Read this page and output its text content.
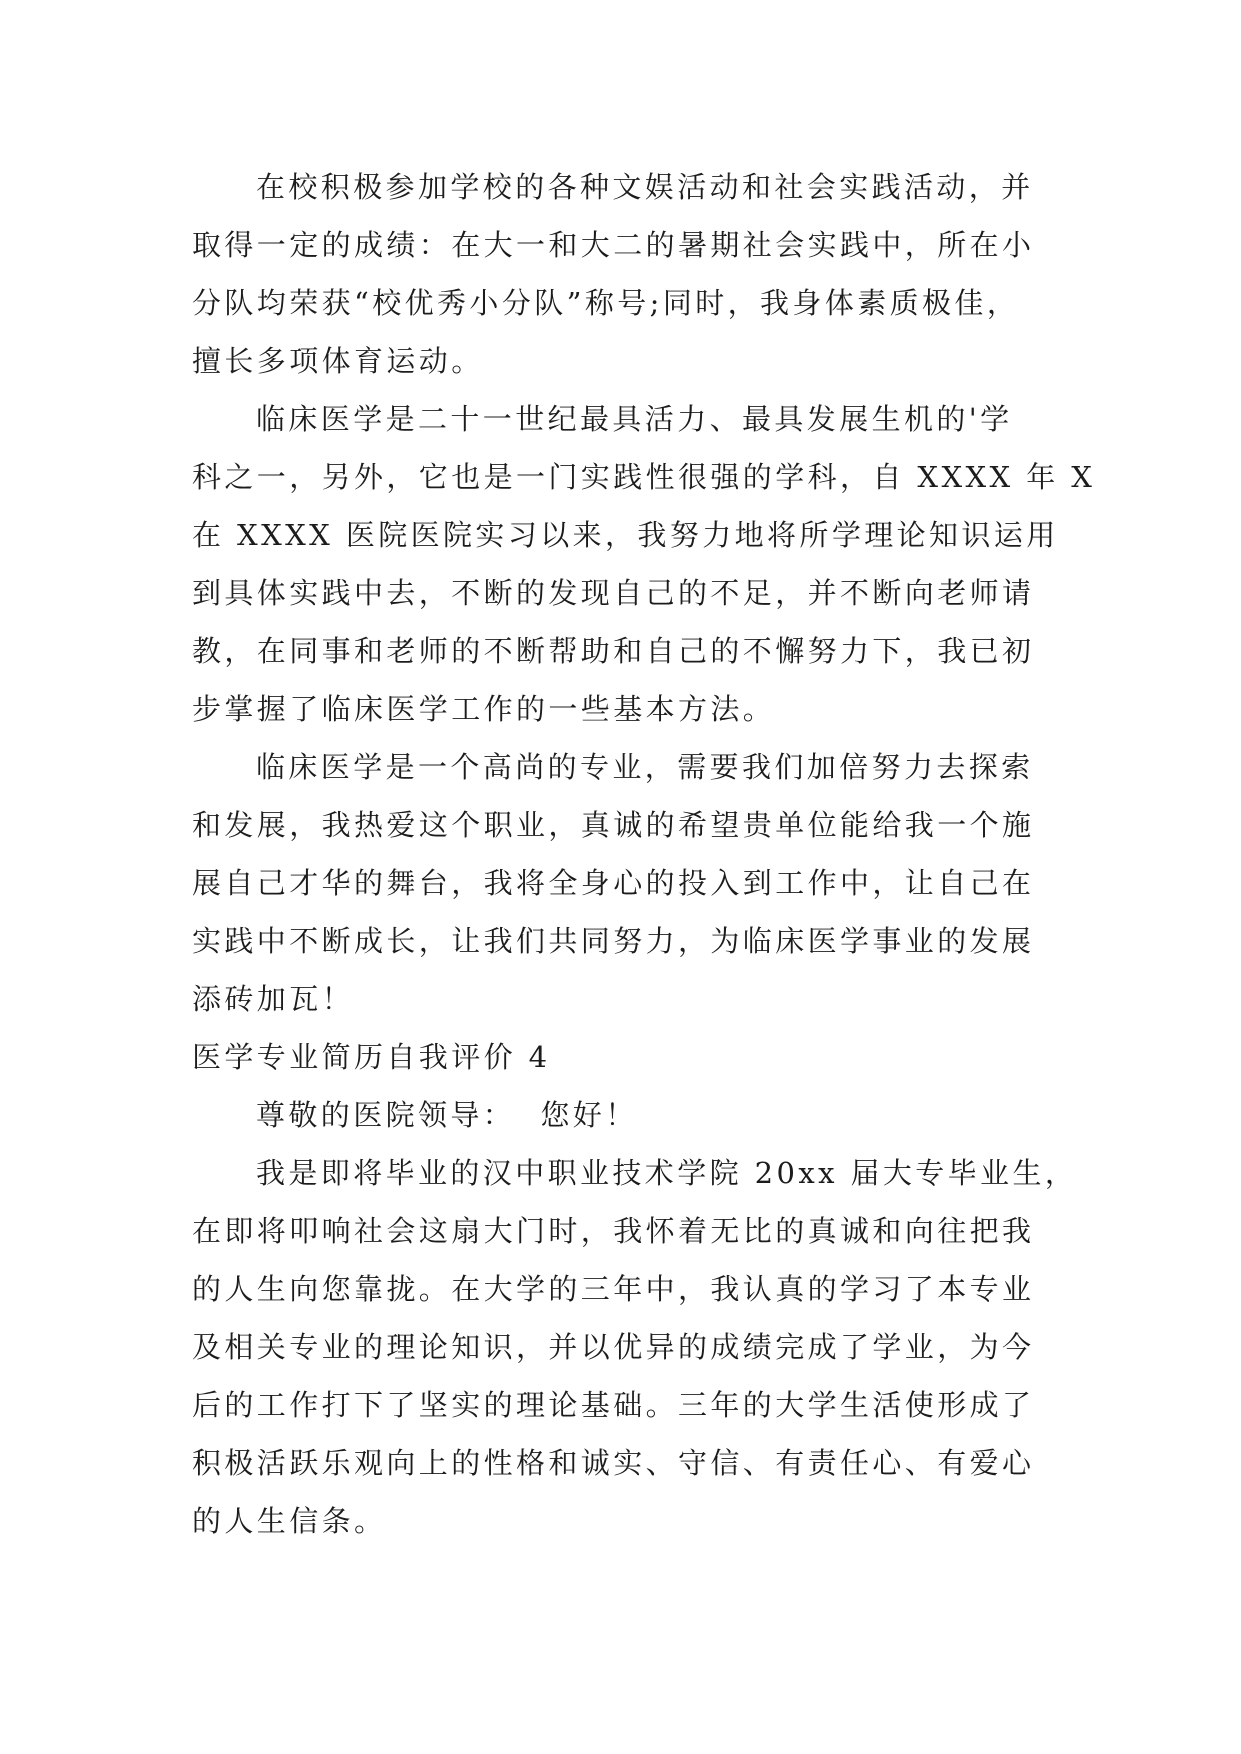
在校积极参加学校的各种文娱活动和社会实践活动，并
取得一定的成绩：在大一和大二的暑期社会实践中，所在小
分队均荣获“校优秀小分队”称号;同时，我身体素质极佳，
擅长多项体育运动。
临床医学是二十一世纪最具活力、最具发展生机的'学
科之一，另外，它也是一门实践性很强的学科，自 XXXX 年 X
在 XXXX 医院医院实习以来，我努力地将所学理论知识运用
到具体实践中去，不断的发现自己的不足，并不断向老师请
教，在同事和老师的不断帮助和自己的不懈努力下，我已初
步掌握了临床医学工作的一些基本方法。
临床医学是一个高尚的专业，需要我们加倍努力去探索
和发展，我热爱这个职业，真诚的希望贵单位能给我一个施
展自己才华的舞台，我将全身心的投入到工作中，让自己在
实践中不断成长，让我们共同努力，为临床医学事业的发展
添砖加瓦！
医学专业简历自我评价 4
尊敬的医院领导：  您好！
我是即将毕业的汉中职业技术学院 20xx 届大专毕业生，
在即将叩响社会这扇大门时，我怀着无比的真诚和向往把我
的人生向您靠拢。在大学的三年中，我认真的学习了本专业
及相关专业的理论知识，并以优异的成绩完成了学业，为今
后的工作打下了坚实的理论基础。三年的大学生活使形成了
积极活跃乐观向上的性格和诚实、守信、有责任心、有爱心
的人生信条。
